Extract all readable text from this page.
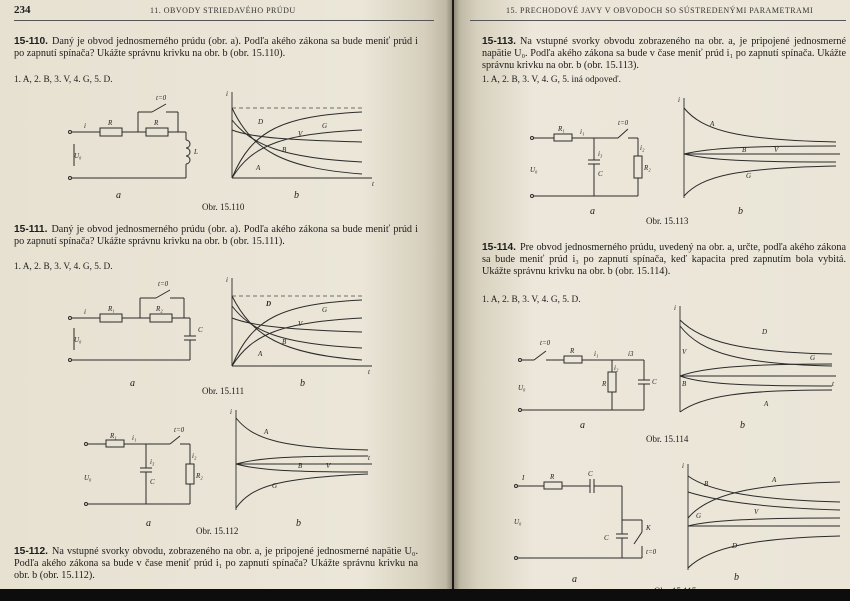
234	11. OBVODY STRIEDAVÉHO PRÚDU
15-110. Daný je obvod jednosmerného prúdu (obr. a). Podľa akého zákona sa bude meniť prúd i po zapnutí spínača? Ukážte správnu krivku na obr. b (obr. 15.110).
1. A, 2. B, 3. V, 4. G, 5. D.
R
t=0
R
L
U₀
i
a
i
t
D	G
V
B
A
b
Obr. 15.110
15-111. Daný je obvod jednosmerného prúdu (obr. a). Podľa akého zákona sa bude meniť prúd i po zapnutí spínača? Ukážte správnu krivku na obr. b (obr. 15.111).
1. A, 2. B, 3. V, 4. G, 5. D.
R₁
t=0
R₂
C
U₀
i
a
i
t
D
G
V
B
A
b
Obr. 15.111
R₁ i₁
t=0
R₂
i₂
i₃
C
U₀
a
i
t
A
B	V
G
b
Obr. 15.112
15-112. Na vstupné svorky obvodu, zobrazeného na obr. a, je pripojené jednosmerné napätie U₀. Podľa akého zákona sa bude v čase meniť prúd i₁ po zapnutí spínača? Ukážte správnu krivku na obr. b (obr. 15.112).
15. PRECHODOVÉ JAVY V OBVODOCH SO SÚSTREDENÝMI PARAMETRAMI
15-113. Na vstupné svorky obvodu zobrazeného na obr. a, je pripojené jednosmerné napätie U₀. Podľa akého zákona sa bude v čase meniť prúd i₁ po zapnutí spínača. Ukážte správnu krivku na obr. b (obr. 15.113).
1. A, 2. B, 3. V, 4. G, 5. iná odpoveď.
R₁ i₁
t=0
R₂
i₂
i₃
C
U₀
a
i
A
B	V
G
b
Obr. 15.113
15-114. Pre obvod jednosmerného prúdu, uvedený na obr. a, určte, podľa akého zákona sa bude meniť prúd i₃ po zapnutí spínača, keď kapacita pred zapnutím bola vybitá. Ukážte správnu krivku na obr. b (obr. 15.114).
1. A, 2. B, 3. V, 4. G, 5. D.
t=0
R	i₁	i3
R
i₂
C
U₀
a
i
t
D
V
G
B
A
b
Obr. 15.114
I	R	C
K
t=0
C
U₀
a
i
A
B
V
G
D
b
